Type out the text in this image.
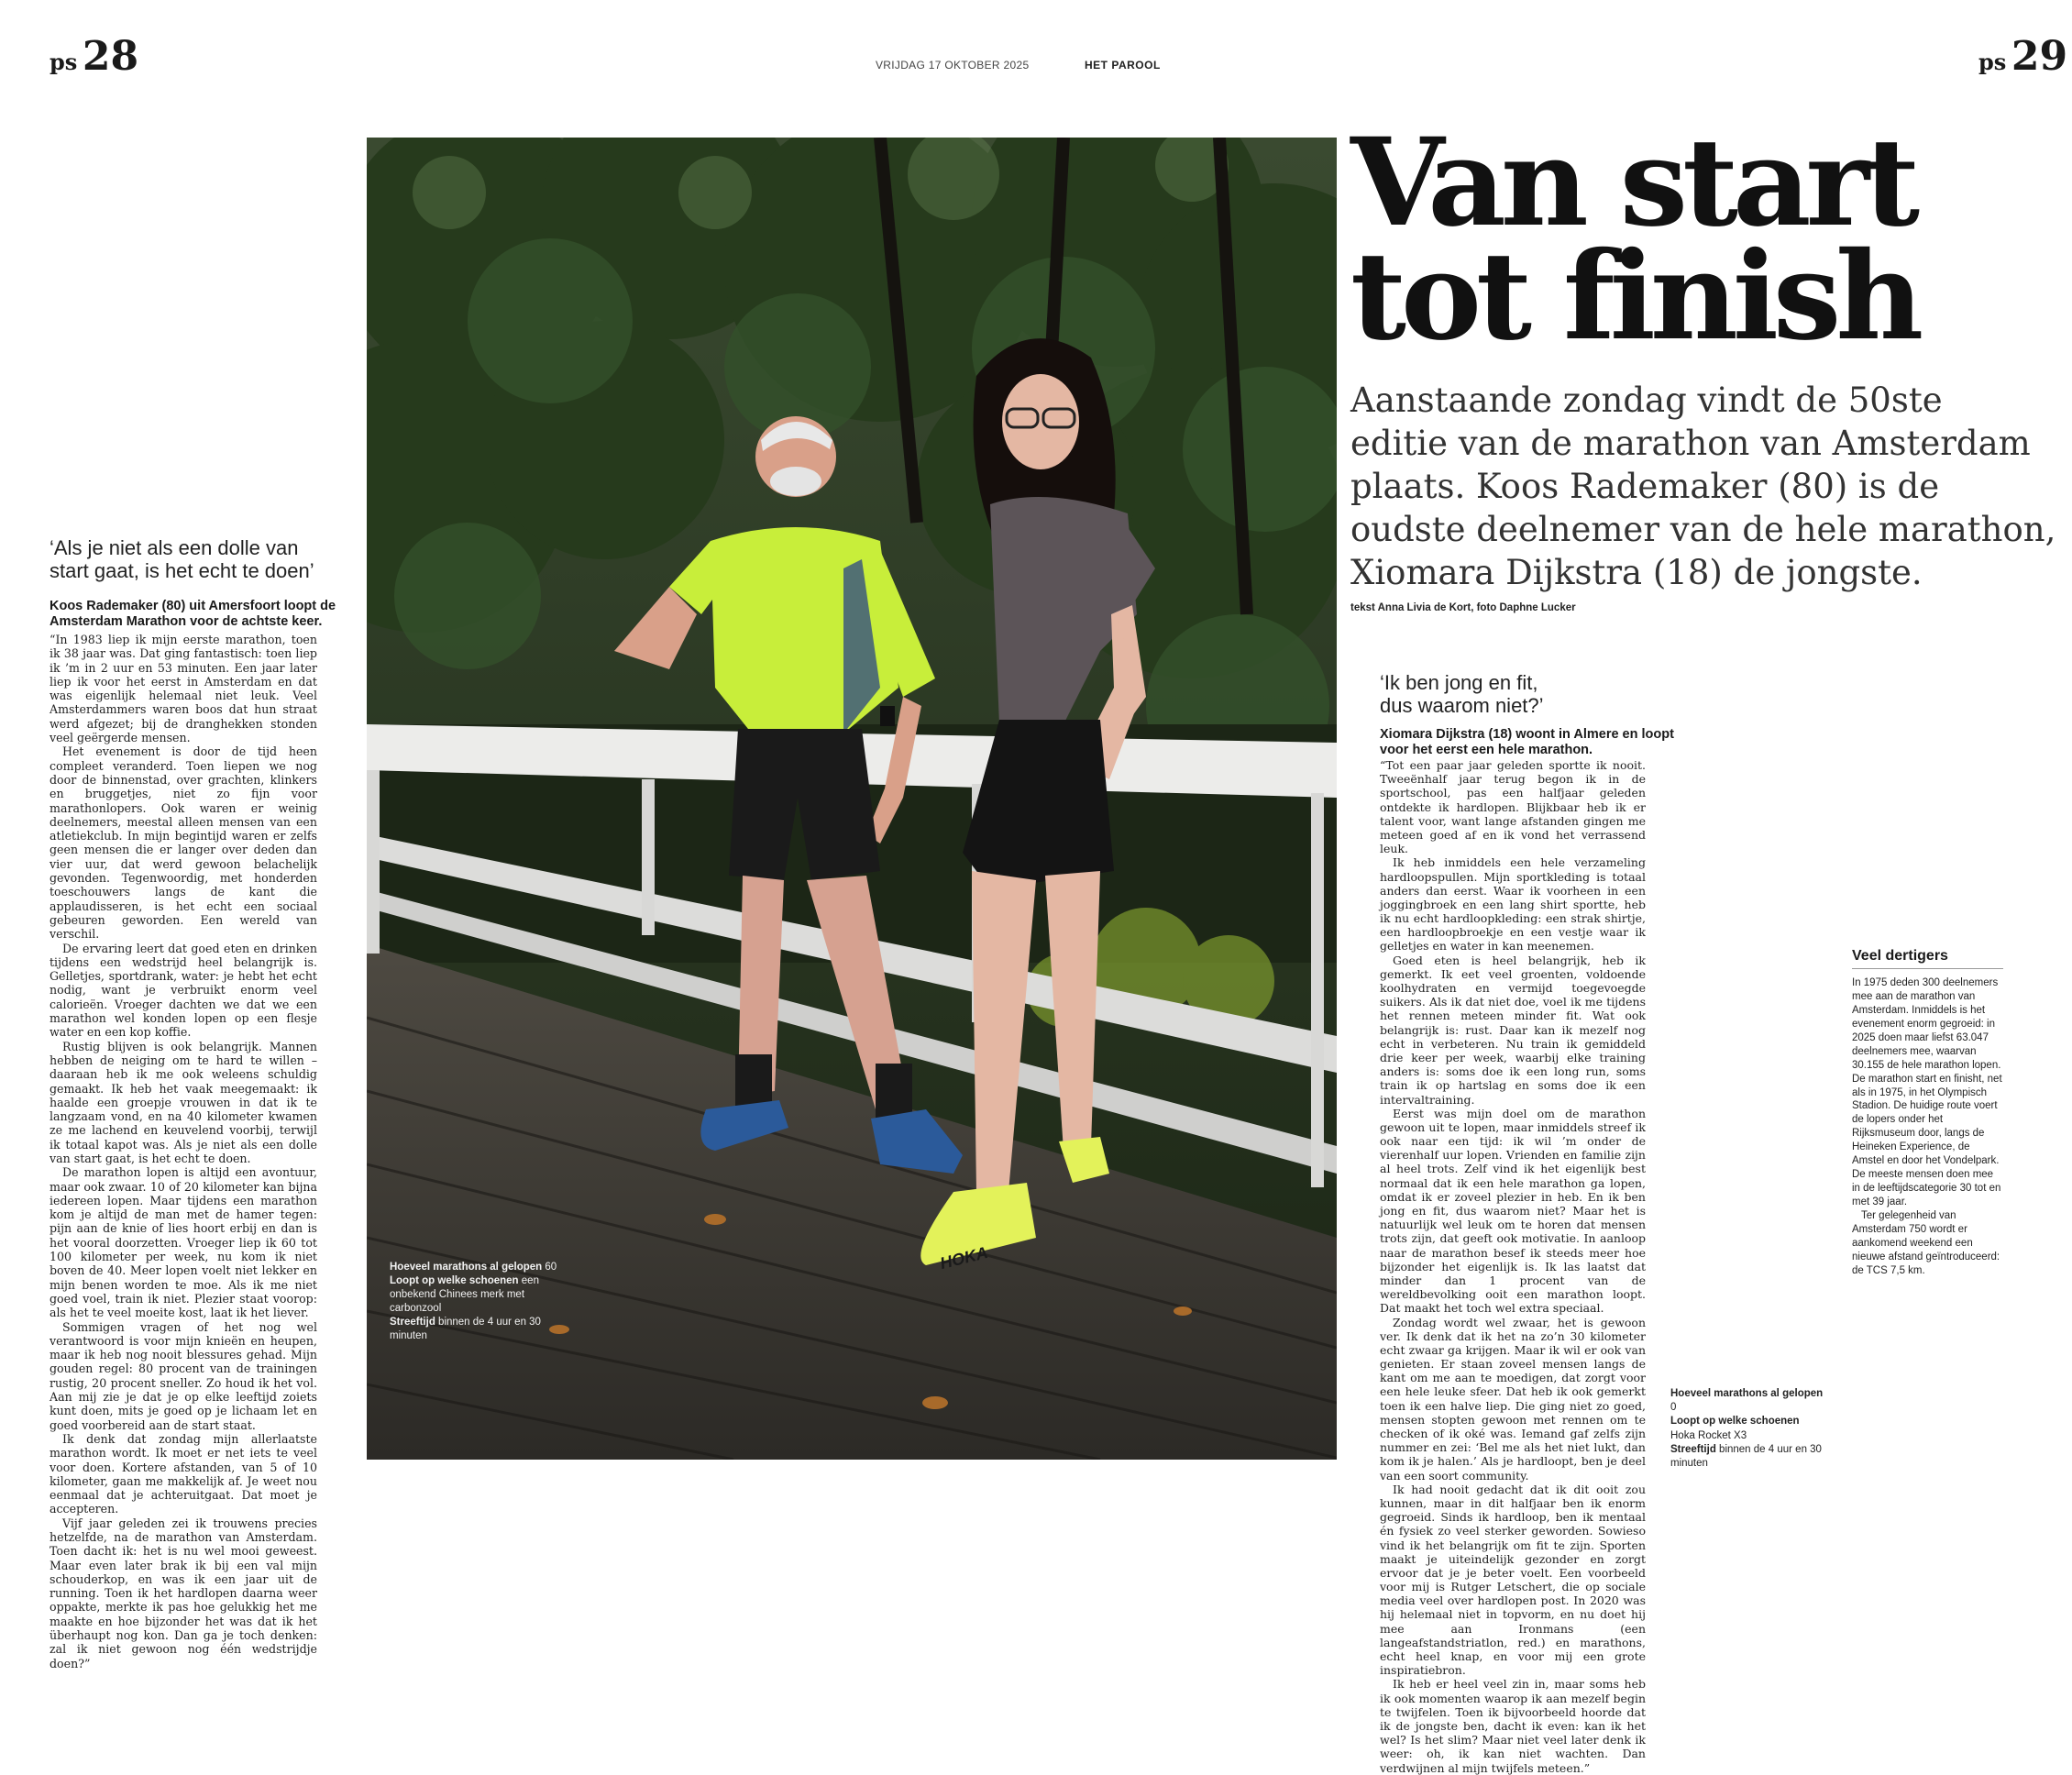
ps 28	ps 29
VRIJDAG 17 OKTOBER 2025	HET PAROOL
‘Als je niet als een dolle van
start gaat, is het echt te doen’
Koos Rademaker (80) uit Amersfoort loopt de
Amsterdam Marathon voor de achtste keer.

“In 1983 liep ik mijn eerste marathon, toen ik 38 jaar was. Dat ging fantastisch: toen liep ik ’m in 2 uur en 53 minuten. Een jaar later liep ik voor het eerst in Amsterdam en dat was eigenlijk helemaal niet leuk. Veel Amsterdammers waren boos dat hun straat werd afgezet; bij de dranghekken stonden veel geërgerde mensen.

Het evenement is door de tijd heen compleet veranderd. Toen liepen we nog door de binnenstad, over grachten, klinkers en bruggetjes, niet zo fijn voor marathonlopers. Ook waren er weinig deelnemers, meestal alleen mensen van een atletiekclub. In mijn begintijd waren er zelfs geen mensen die er langer over deden dan vier uur, dat werd gewoon belachelijk gevonden. Tegenwoordig, met honderden toeschouwers langs de kant die applaudisseren, is het echt een sociaal gebeuren geworden. Een wereld van verschil.

De ervaring leert dat goed eten en drinken tijdens een wedstrijd heel belangrijk is. Gelletjes, sportdrank, water: je hebt het echt nodig, want je verbruikt enorm veel calorieën. Vroeger dachten we dat we een marathon wel konden lopen op een flesje water en een kop koffie.

Rustig blijven is ook belangrijk. Mannen hebben de neiging om te hard te willen – daaraan heb ik me ook weleens schuldig gemaakt. Ik heb het vaak meegemaakt: ik haalde een groepje vrouwen in dat ik te langzaam vond, en na 40 kilometer kwamen ze me lachend en keuvelend voorbij, terwijl ik totaal kapot was. Als je niet als een dolle van start gaat, is het echt te doen.

De marathon lopen is altijd een avontuur, maar ook zwaar. 10 of 20 kilometer kan bijna iedereen lopen. Maar tijdens een marathon kom je altijd de man met de hamer tegen: pijn aan de knie of lies hoort erbij en dan is het vooral doorzetten. Vroeger liep ik 60 tot 100 kilometer per week, nu kom ik niet boven de 40. Meer lopen voelt niet lekker en mijn benen worden te moe. Als ik me niet goed voel, train ik niet. Plezier staat voorop: als het te veel moeite kost, laat ik het liever.

Sommigen vragen of het nog wel verantwoord is voor mijn knieën en heupen, maar ik heb nog nooit blessures gehad. Mijn gouden regel: 80 procent van de trainingen rustig, 20 procent sneller. Zo houd ik het vol. Aan mij zie je dat je op elke leeftijd zoiets kunt doen, mits je goed op je lichaam let en goed voorbereid aan de start staat.

Ik denk dat zondag mijn allerlaatste marathon wordt. Ik moet er net iets te veel voor doen. Kortere afstanden, van 5 of 10 kilometer, gaan me makkelijk af. Je weet nou eenmaal dat je achteruitgaat. Dat moet je accepteren.

Vijf jaar geleden zei ik trouwens precies hetzelfde, na de marathon van Amsterdam. Toen dacht ik: het is nu wel mooi geweest. Maar even later brak ik bij een val mijn schouderkop, en was ik een jaar uit de running. Toen ik het hardlopen daarna weer oppakte, merkte ik pas hoe gelukkig het me maakte en hoe bijzonder het was dat ik het überhaupt nog kon. Dan ga je toch denken: zal ik niet gewoon nog één wedstrijdje doen?”

HOKA
Hoeveel marathons al gelopen 60
Loopt op welke schoenen een onbekend Chinees merk met carbonzool
Streeftijd binnen de 4 uur en 30 minuten
Van start
tot finish
Aanstaande zondag vindt de 50ste
editie van de marathon van Amsterdam
plaats. Koos Rademaker (80) is de
oudste deelnemer van de hele marathon,
Xiomara Dijkstra (18) de jongste.
tekst Anna Livia de Kort, foto Daphne Lucker
‘Ik ben jong en fit,
dus waarom niet?’
Xiomara Dijkstra (18) woont in Almere en loopt
voor het eerst een hele marathon.

“Tot een paar jaar geleden sportte ik nooit. Tweeënhalf jaar terug begon ik in de sportschool, pas een halfjaar geleden ontdekte ik hardlopen. Blijkbaar heb ik er talent voor, want lange afstanden gingen me meteen goed af en ik vond het verrassend leuk.

Ik heb inmiddels een hele verzameling hardloopspullen. Mijn sportkleding is totaal anders dan eerst. Waar ik voorheen in een joggingbroek en een lang shirt sportte, heb ik nu echt hardloopkleding: een strak shirtje, een hardloopbroekje en een vestje waar ik gelletjes en water in kan meenemen.

Goed eten is heel belangrijk, heb ik gemerkt. Ik eet veel groenten, voldoende koolhydraten en vermijd toegevoegde suikers. Als ik dat niet doe, voel ik me tijdens het rennen meteen minder fit. Wat ook belangrijk is: rust. Daar kan ik mezelf nog echt in verbeteren. Nu train ik gemiddeld drie keer per week, waarbij elke training anders is: soms doe ik een long run, soms train ik op hartslag en soms doe ik een intervaltraining.

Eerst was mijn doel om de marathon gewoon uit te lopen, maar inmiddels streef ik ook naar een tijd: ik wil ’m onder de vierenhalf uur lopen. Vrienden en familie zijn al heel trots. Zelf vind ik het eigenlijk best normaal dat ik een hele marathon ga lopen, omdat ik er zoveel plezier in heb. En ik ben jong en fit, dus waarom niet? Maar het is natuurlijk wel leuk om te horen dat mensen trots zijn, dat geeft ook motivatie. In aanloop naar de marathon besef ik steeds meer hoe bijzonder het eigenlijk is. Ik las laatst dat minder dan 1 procent van de wereldbevolking ooit een marathon loopt. Dat maakt het toch wel extra speciaal.

Zondag wordt wel zwaar, het is gewoon ver. Ik denk dat ik het na zo’n 30 kilometer echt zwaar ga krijgen. Maar ik wil er ook van genieten. Er staan zoveel mensen langs de kant om me aan te moedigen, dat zorgt voor een hele leuke sfeer. Dat heb ik ook gemerkt toen ik een halve liep. Die ging niet zo goed, mensen stopten gewoon met rennen om te checken of ik oké was. Iemand gaf zelfs zijn nummer en zei: ‘Bel me als het niet lukt, dan kom ik je halen.’ Als je hardloopt, ben je deel van een soort community.

Ik had nooit gedacht dat ik dit ooit zou kunnen, maar in dit halfjaar ben ik enorm gegroeid. Sinds ik hardloop, ben ik mentaal én fysiek zo veel sterker geworden. Sowieso vind ik het belangrijk om fit te zijn. Sporten maakt je uiteindelijk gezonder en zorgt ervoor dat je je beter voelt. Een voorbeeld voor mij is Rutger Letschert, die op sociale media veel over hardlopen post. In 2020 was hij helemaal niet in topvorm, en nu doet hij mee aan Ironmans (een langeafstandstriatlon, red.) en marathons, echt heel knap, en voor mij een grote inspiratiebron.

Ik heb er heel veel zin in, maar soms heb ik ook momenten waarop ik aan mezelf begin te twijfelen. Toen ik bijvoorbeeld hoorde dat ik de jongste ben, dacht ik even: kan ik het wel? Is het slim? Maar niet veel later denk ik weer: oh, ik kan niet wachten. Dan verdwijnen al mijn twijfels meteen.”

Veel dertigers
In 1975 deden 300 deelnemers mee aan de marathon van Amsterdam. Inmiddels is het evenement enorm gegroeid: in 2025 doen maar liefst 63.047 deelnemers mee, waarvan 30.155 de hele marathon lopen. De marathon start en finisht, net als in 1975, in het Olympisch Stadion. De huidige route voert de lopers onder het Rijksmuseum door, langs de Heineken Experience, de Amstel en door het Vondelpark. De meeste mensen doen mee in de leeftijdscategorie 30 tot en met 39 jaar.
Ter gelegenheid van Amsterdam 750 wordt er aankomend weekend een nieuwe afstand geïntroduceerd: de TCS 7,5 km.
Hoeveel marathons al gelopen 0
Loopt op welke schoenen Hoka Rocket X3
Streeftijd binnen de 4 uur en 30 minuten
